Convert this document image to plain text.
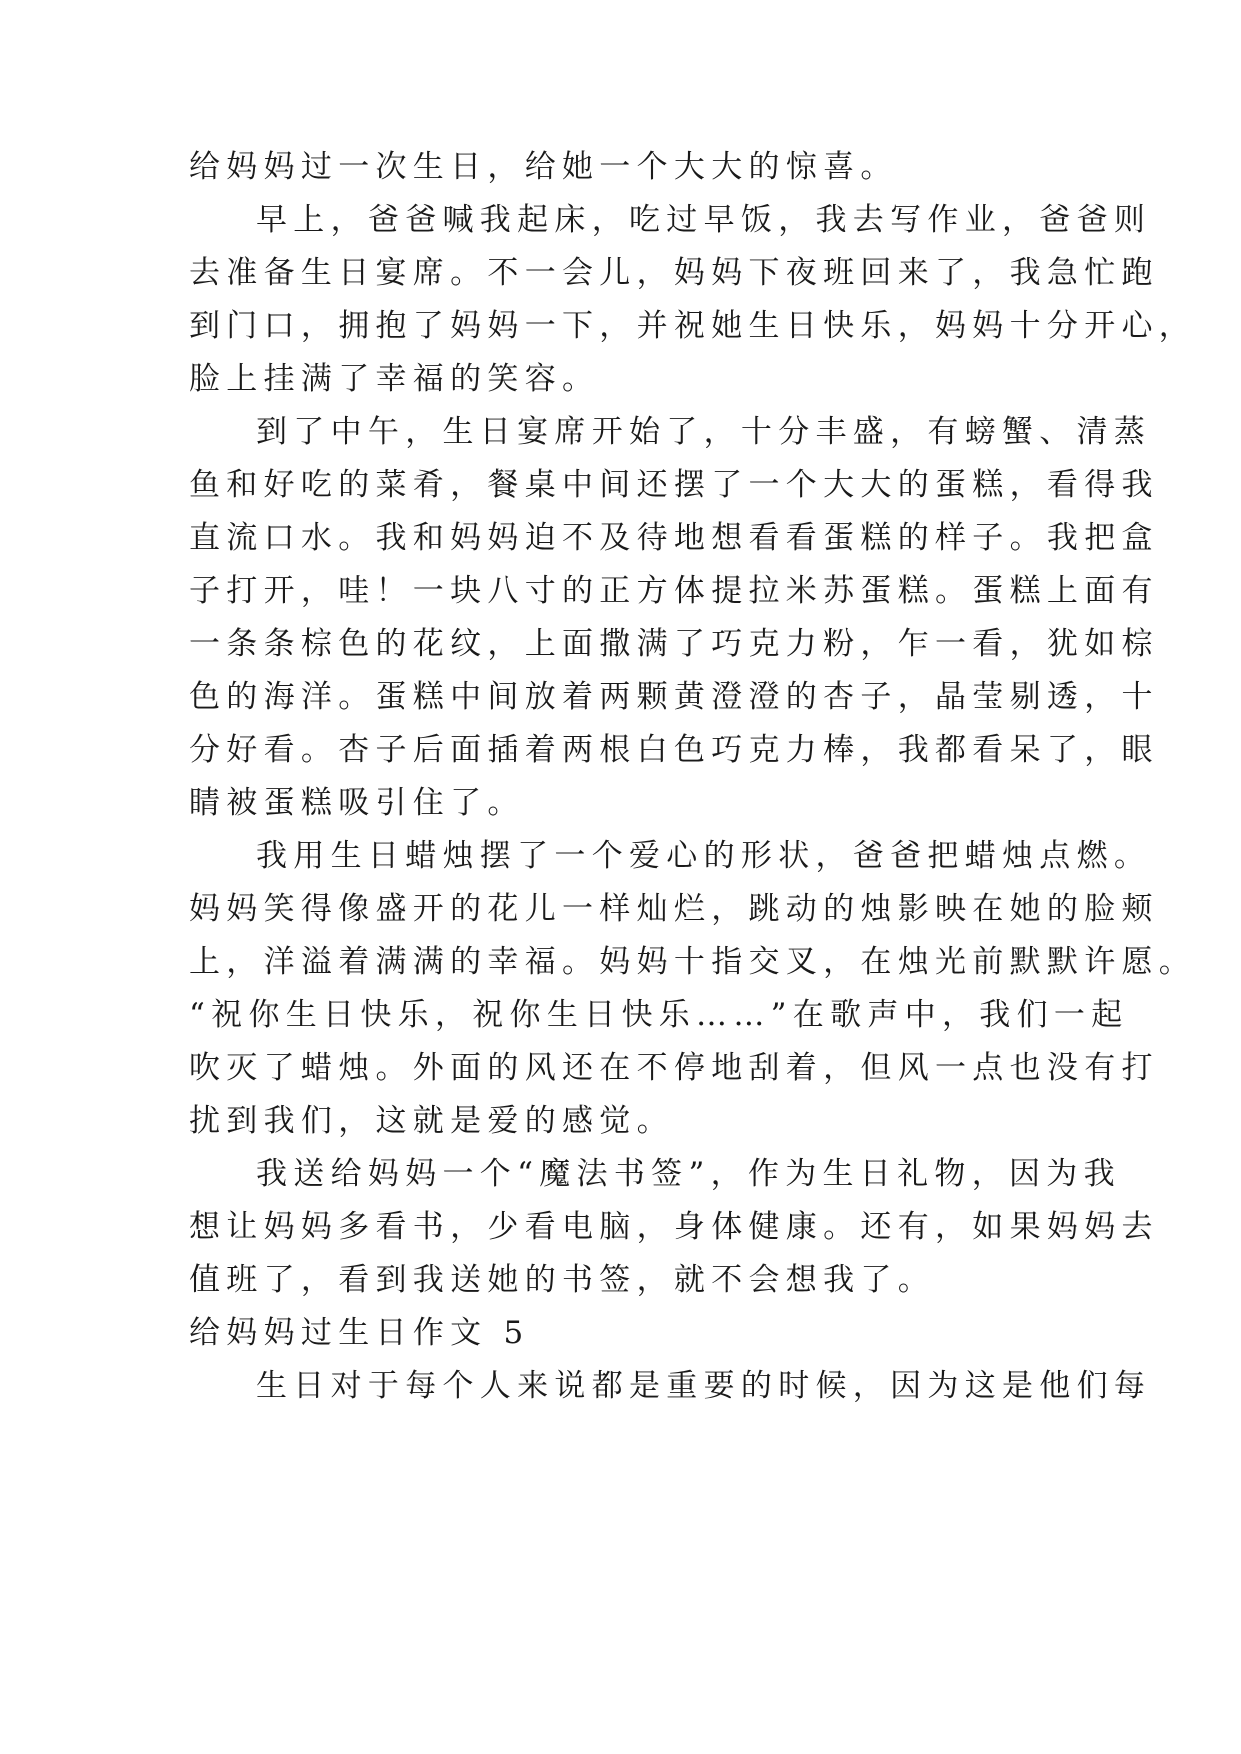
给妈妈过一次生日，给她一个大大的惊喜。
早上，爸爸喊我起床，吃过早饭，我去写作业，爸爸则
去准备生日宴席。不一会儿，妈妈下夜班回来了，我急忙跑
到门口，拥抱了妈妈一下，并祝她生日快乐，妈妈十分开心，
脸上挂满了幸福的笑容。
到了中午，生日宴席开始了，十分丰盛，有螃蟹、清蒸
鱼和好吃的菜肴，餐桌中间还摆了一个大大的蛋糕，看得我
直流口水。我和妈妈迫不及待地想看看蛋糕的样子。我把盒
子打开，哇！一块八寸的正方体提拉米苏蛋糕。蛋糕上面有
一条条棕色的花纹，上面撒满了巧克力粉，乍一看，犹如棕
色的海洋。蛋糕中间放着两颗黄澄澄的杏子，晶莹剔透，十
分好看。杏子后面插着两根白色巧克力棒，我都看呆了，眼
睛被蛋糕吸引住了。
我用生日蜡烛摆了一个爱心的形状，爸爸把蜡烛点燃。
妈妈笑得像盛开的花儿一样灿烂，跳动的烛影映在她的脸颊
上，洋溢着满满的幸福。妈妈十指交叉，在烛光前默默许愿。
“祝你生日快乐，祝你生日快乐……”在歌声中，我们一起
吹灭了蜡烛。外面的风还在不停地刮着，但风一点也没有打
扰到我们，这就是爱的感觉。
我送给妈妈一个“魔法书签”，作为生日礼物，因为我
想让妈妈多看书，少看电脑，身体健康。还有，如果妈妈去
值班了，看到我送她的书签，就不会想我了。
给妈妈过生日作文 5
生日对于每个人来说都是重要的时候，因为这是他们每
